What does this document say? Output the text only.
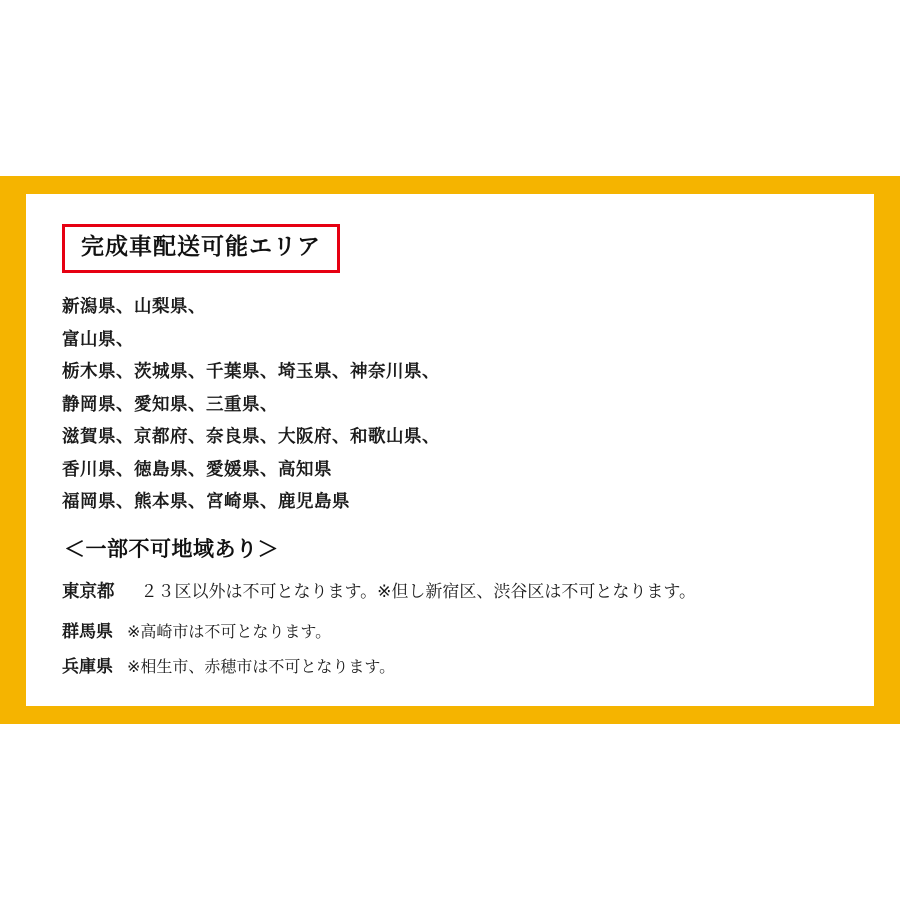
完成車配送可能エリア
新潟県、山梨県、
富山県、
栃木県、茨城県、千葉県、埼玉県、神奈川県、
静岡県、愛知県、三重県、
滋賀県、京都府、奈良県、大阪府、和歌山県、
香川県、徳島県、愛媛県、高知県
福岡県、熊本県、宮崎県、鹿児島県
＜一部不可地域あり＞
東京都 ２３区以外は不可となります。※但し新宿区、渋谷区は不可となります。
群馬県 ※高崎市は不可となります。
兵庫県 ※相生市、赤穂市は不可となります。
